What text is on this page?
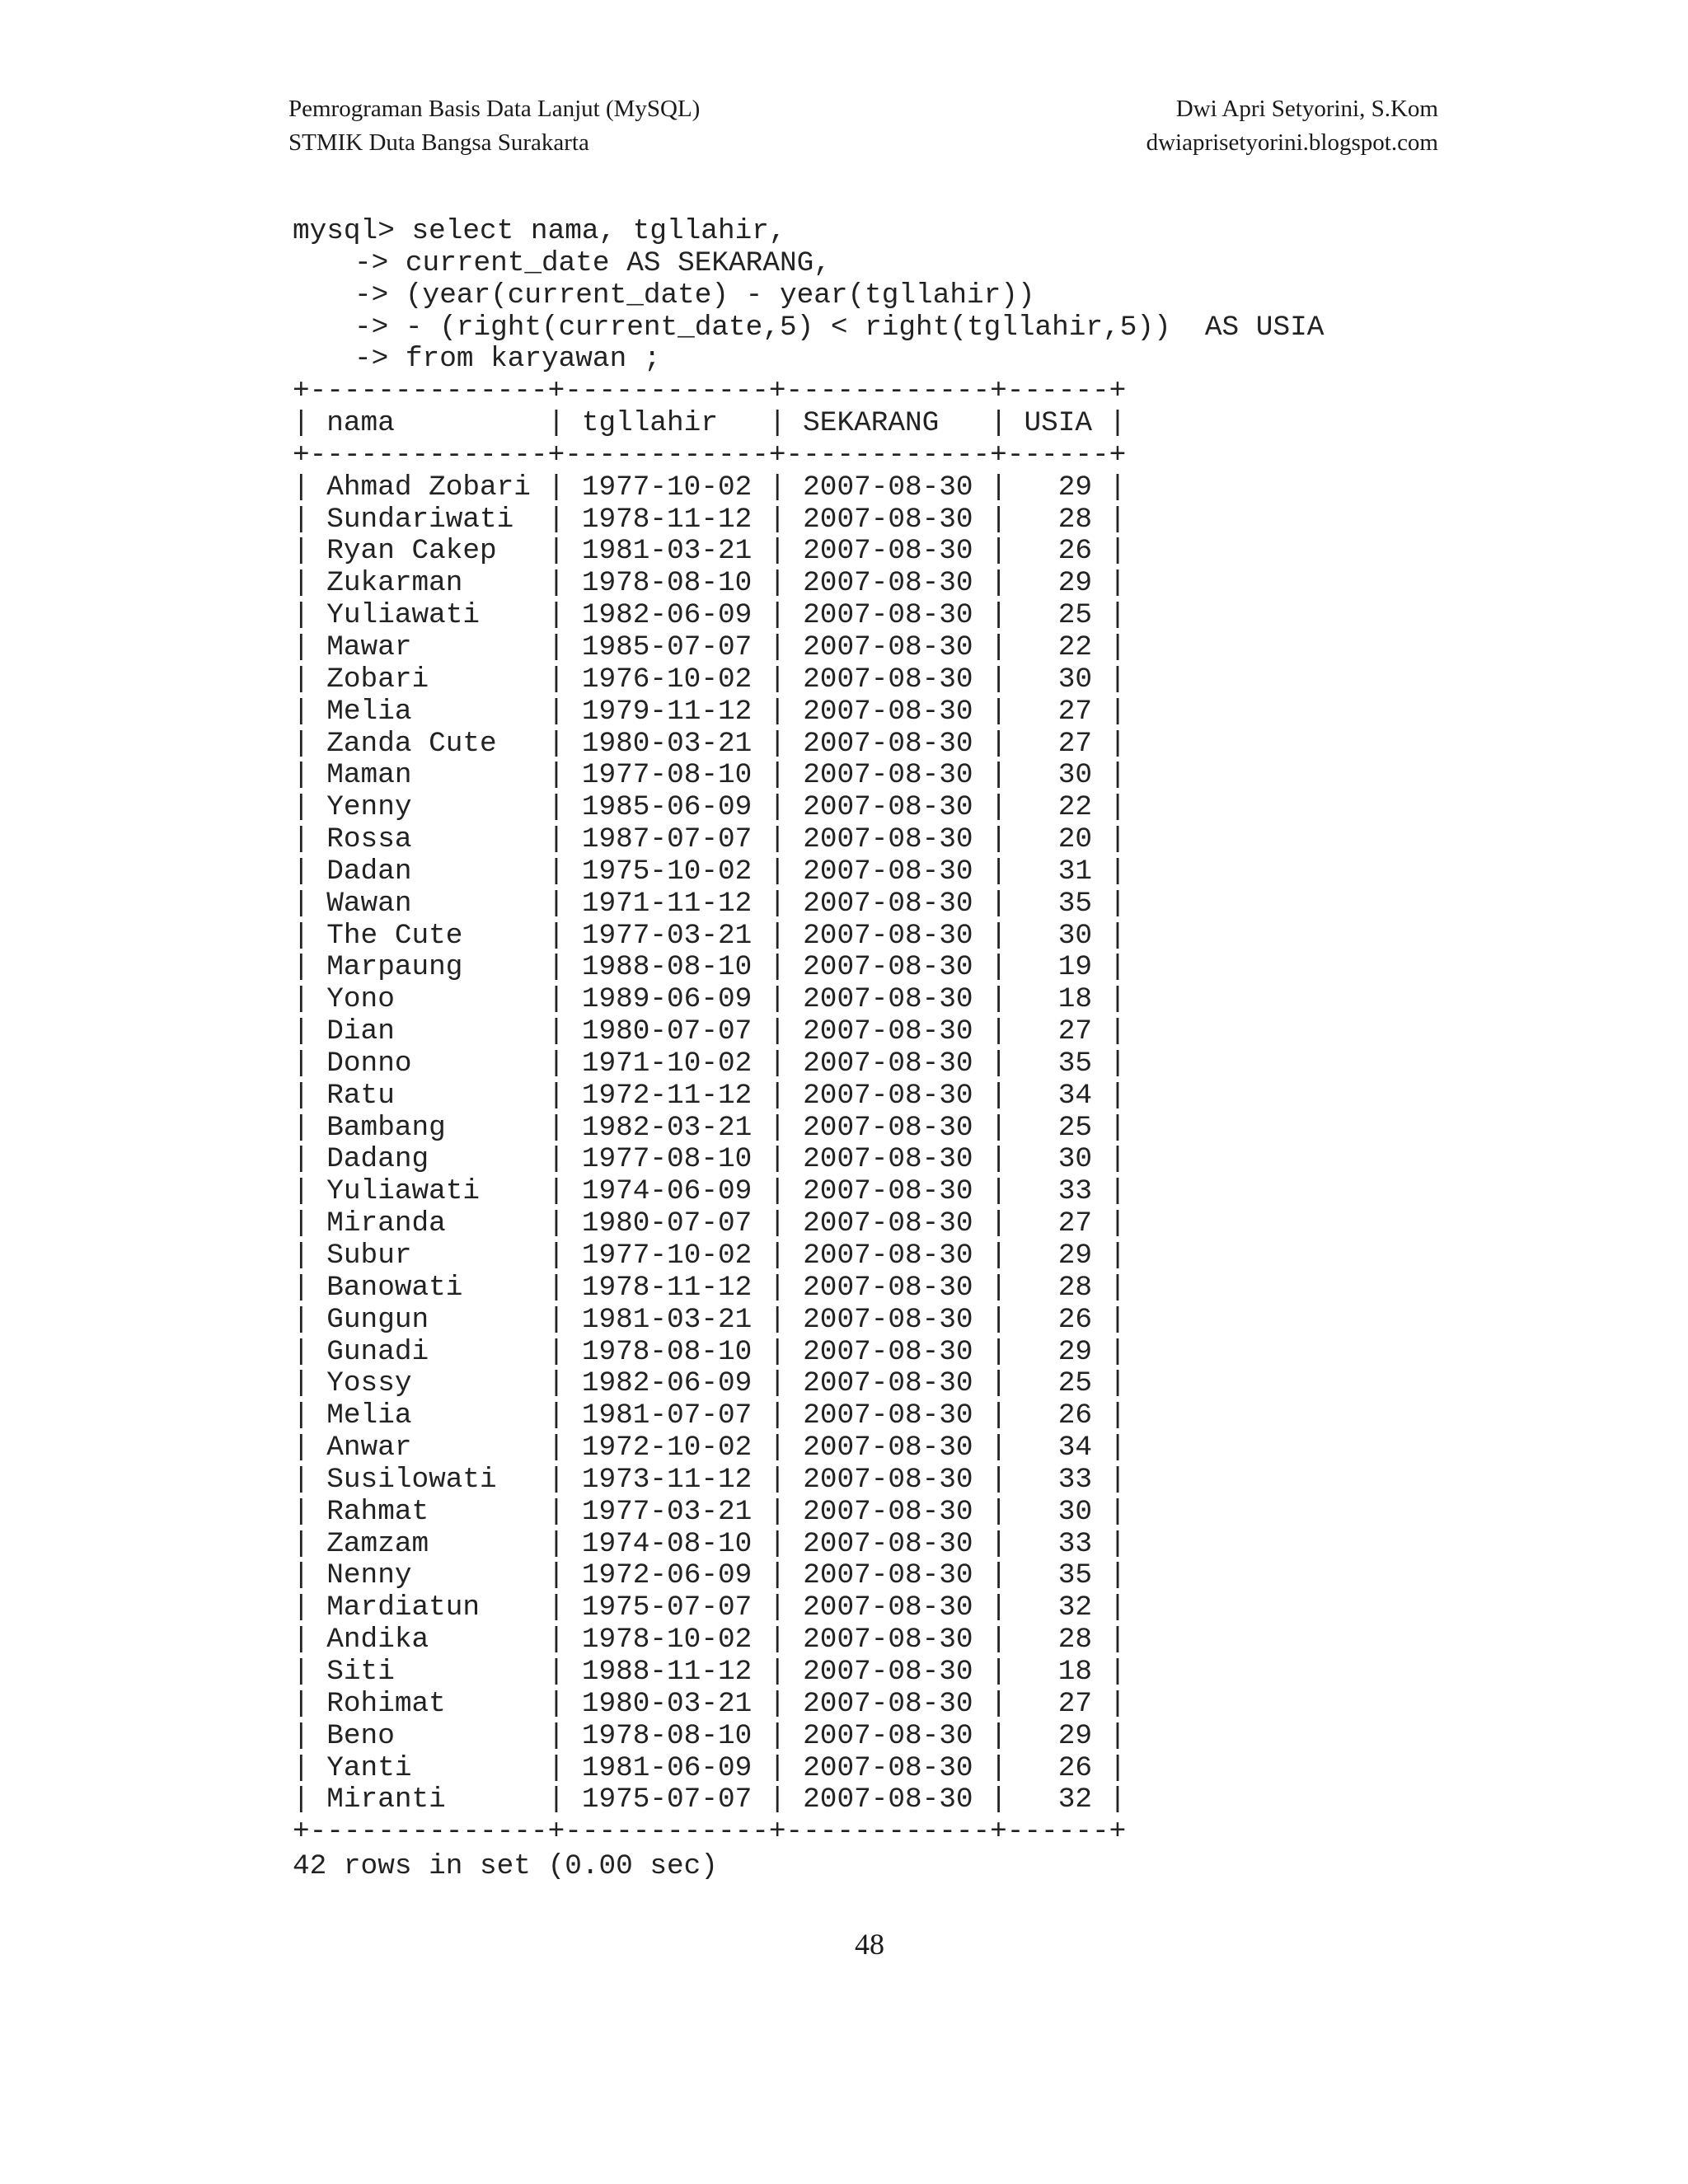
Pemrograman Basis Data Lanjut (MySQL)	Dwi Apri Setyorini, S.Kom
STMIK Duta Bangsa Surakarta	dwiaprisetyorini.blogspot.com
mysql> select nama, tgllahir,
-> current_date AS SEKARANG,
-> (year(current_date) - year(tgllahir))
-> - (right(current_date,5) < right(tgllahir,5))  AS USIA
-> from karyawan ;
+--------------+------------+------------+------+
| nama         | tgllahir   | SEKARANG   | USIA |
+--------------+------------+------------+------+
| Ahmad Zobari | 1977-10-02 | 2007-08-30 |   29 |
| Sundariwati  | 1978-11-12 | 2007-08-30 |   28 |
| Ryan Cakep   | 1981-03-21 | 2007-08-30 |   26 |
| Zukarman     | 1978-08-10 | 2007-08-30 |   29 |
| Yuliawati    | 1982-06-09 | 2007-08-30 |   25 |
| Mawar        | 1985-07-07 | 2007-08-30 |   22 |
| Zobari       | 1976-10-02 | 2007-08-30 |   30 |
| Melia        | 1979-11-12 | 2007-08-30 |   27 |
| Zanda Cute   | 1980-03-21 | 2007-08-30 |   27 |
| Maman        | 1977-08-10 | 2007-08-30 |   30 |
| Yenny        | 1985-06-09 | 2007-08-30 |   22 |
| Rossa        | 1987-07-07 | 2007-08-30 |   20 |
| Dadan        | 1975-10-02 | 2007-08-30 |   31 |
| Wawan        | 1971-11-12 | 2007-08-30 |   35 |
| The Cute     | 1977-03-21 | 2007-08-30 |   30 |
| Marpaung     | 1988-08-10 | 2007-08-30 |   19 |
| Yono         | 1989-06-09 | 2007-08-30 |   18 |
| Dian         | 1980-07-07 | 2007-08-30 |   27 |
| Donno        | 1971-10-02 | 2007-08-30 |   35 |
| Ratu         | 1972-11-12 | 2007-08-30 |   34 |
| Bambang      | 1982-03-21 | 2007-08-30 |   25 |
| Dadang       | 1977-08-10 | 2007-08-30 |   30 |
| Yuliawati    | 1974-06-09 | 2007-08-30 |   33 |
| Miranda      | 1980-07-07 | 2007-08-30 |   27 |
| Subur        | 1977-10-02 | 2007-08-30 |   29 |
| Banowati     | 1978-11-12 | 2007-08-30 |   28 |
| Gungun       | 1981-03-21 | 2007-08-30 |   26 |
| Gunadi       | 1978-08-10 | 2007-08-30 |   29 |
| Yossy        | 1982-06-09 | 2007-08-30 |   25 |
| Melia        | 1981-07-07 | 2007-08-30 |   26 |
| Anwar        | 1972-10-02 | 2007-08-30 |   34 |
| Susilowati   | 1973-11-12 | 2007-08-30 |   33 |
| Rahmat       | 1977-03-21 | 2007-08-30 |   30 |
| Zamzam       | 1974-08-10 | 2007-08-30 |   33 |
| Nenny        | 1972-06-09 | 2007-08-30 |   35 |
| Mardiatun    | 1975-07-07 | 2007-08-30 |   32 |
| Andika       | 1978-10-02 | 2007-08-30 |   28 |
| Siti         | 1988-11-12 | 2007-08-30 |   18 |
| Rohimat      | 1980-03-21 | 2007-08-30 |   27 |
| Beno         | 1978-08-10 | 2007-08-30 |   29 |
| Yanti        | 1981-06-09 | 2007-08-30 |   26 |
| Miranti      | 1975-07-07 | 2007-08-30 |   32 |
+--------------+------------+------------+------+
42 rows in set (0.00 sec)
48
